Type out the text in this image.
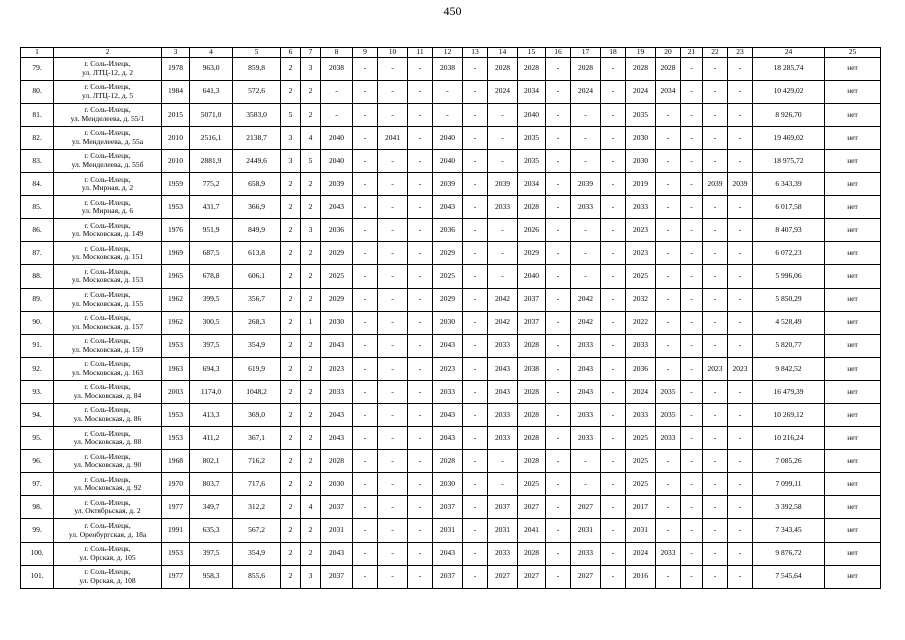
450
1	2	3	4	5	6	7	8	9	10	11	12	13	14	15	16	17	18	19	20	21	22	23	24	25
79.	г. Соль-Илецк,
ул. ЛТЦ-12, д. 2	1978	963,0	859,8	2	3	2038	-	-	-	2038	-	2028	2028	-	2028	-	2028	2028	-	-	-	18 285,74	нет
80.	г. Соль-Илецк,
ул. ЛТЦ-12, д. 5	1984	641,3	572,6	2	2	-	-	-	-	-	-	2024	2034	-	2024	-	2024	2034	-	-	-	10 429,02	нет
81.	г. Соль-Илецк,
ул. Менделеева, д. 55/1	2015	5071,0	3583,0	5	2	-	-	-	-	-	-	-	2040	-	-	-	2035	-	-	-	-	8 926,70	нет
82.	г. Соль-Илецк,
ул. Менделеева, д. 55а	2010	2516,1	2138,7	3	4	2040	-	2041	-	2040	-	-	2035	-	-	-	2030	-	-	-	-	19 469,02	нет
83.	г. Соль-Илецк,
ул. Менделеева, д. 55б	2010	2881,9	2449,6	3	5	2040	-	-	-	2040	-	-	2035	-	-	-	2030	-	-	-	-	18 975,72	нет
84.	г. Соль-Илецк,
ул. Мирная, д. 2	1959	775,2	658,9	2	2	2039	-	-	-	2039	-	2039	2034	-	2039	-	2019	-	-	2039	2039	6 343,39	нет
85.	г. Соль-Илецк,
ул. Мирная, д. 6	1953	431,7	366,9	2	2	2043	-	-	-	2043	-	2033	2028	-	2033	-	2033	-	-	-	-	6 017,58	нет
86.	г. Соль-Илецк,
ул. Московская, д. 149	1976	951,9	849,9	2	3	2036	-	-	-	2036	-	-	2026	-	-	-	2023	-	-	-	-	8 407,93	нет
87.	г. Соль-Илецк,
ул. Московская, д. 151	1969	687,5	613,8	2	2	2029	-	-	-	2029	-	-	2029	-	-	-	2023	-	-	-	-	6 072,23	нет
88.	г. Соль-Илецк,
ул. Московская, д. 153	1965	678,8	606,1	2	2	2025	-	-	-	2025	-	-	2040	-	-	-	2025	-	-	-	-	5 996,06	нет
89.	г. Соль-Илецк,
ул. Московская, д. 155	1962	399,5	356,7	2	2	2029	-	-	-	2029	-	2042	2037	-	2042	-	2032	-	-	-	-	5 850,29	нет
90.	г. Соль-Илецк,
ул. Московская, д. 157	1962	300,5	268,3	2	1	2030	-	-	-	2030	-	2042	2037	-	2042	-	2022	-	-	-	-	4 528,49	нет
91.	г. Соль-Илецк,
ул. Московская, д. 159	1953	397,5	354,9	2	2	2043	-	-	-	2043	-	2033	2028	-	2033	-	2033	-	-	-	-	5 820,77	нет
92.	г. Соль-Илецк,
ул. Московская, д. 163	1963	694,3	619,9	2	2	2023	-	-	-	2023	-	2043	2038	-	2043	-	2036	-	-	2023	2023	9 842,52	нет
93.	г. Соль-Илецк,
ул. Московская, д. 84	2003	1174,0	1048,2	2	2	2033	-	-	-	2033	-	2043	2028	-	2043	-	2024	2035	-	-	-	16 479,39	нет
94.	г. Соль-Илецк,
ул. Московская, д. 86	1953	413,3	369,0	2	2	2043	-	-	-	2043	-	2033	2028	-	2033	-	2033	2035	-	-	-	10 269,12	нет
95.	г. Соль-Илецк,
ул. Московская, д. 88	1953	411,2	367,1	2	2	2043	-	-	-	2043	-	2033	2028	-	2033	-	2025	2033	-	-	-	10 216,24	нет
96.	г. Соль-Илецк,
ул. Московская, д. 90	1968	802,1	716,2	2	2	2028	-	-	-	2028	-	-	2028	-	-	-	2025	-	-	-	-	7 085,26	нет
97.	г. Соль-Илецк,
ул. Московская, д. 92	1970	803,7	717,6	2	2	2030	-	-	-	2030	-	-	2025	-	-	-	2025	-	-	-	-	7 099,11	нет
98.	г. Соль-Илецк,
ул. Октябрьская, д. 2	1977	349,7	312,2	2	4	2037	-	-	-	2037	-	2037	2027	-	2027	-	2017	-	-	-	-	3 392,58	нет
99.	г. Соль-Илецк,
ул. Оренбургская, д. 18а	1991	635,3	567,2	2	2	2031	-	-	-	2031	-	2031	2041	-	2031	-	2031	-	-	-	-	7 343,45	нет
100.	г. Соль-Илецк,
ул. Орская, д. 105	1953	397,5	354,9	2	2	2043	-	-	-	2043	-	2033	2028	-	2033	-	2024	2033	-	-	-	9 876,72	нет
101.	г. Соль-Илецк,
ул. Орская, д. 108	1977	958,3	855,6	2	3	2037	-	-	-	2037	-	2027	2027	-	2027	-	2016	-	-	-	-	7 545,64	нет
